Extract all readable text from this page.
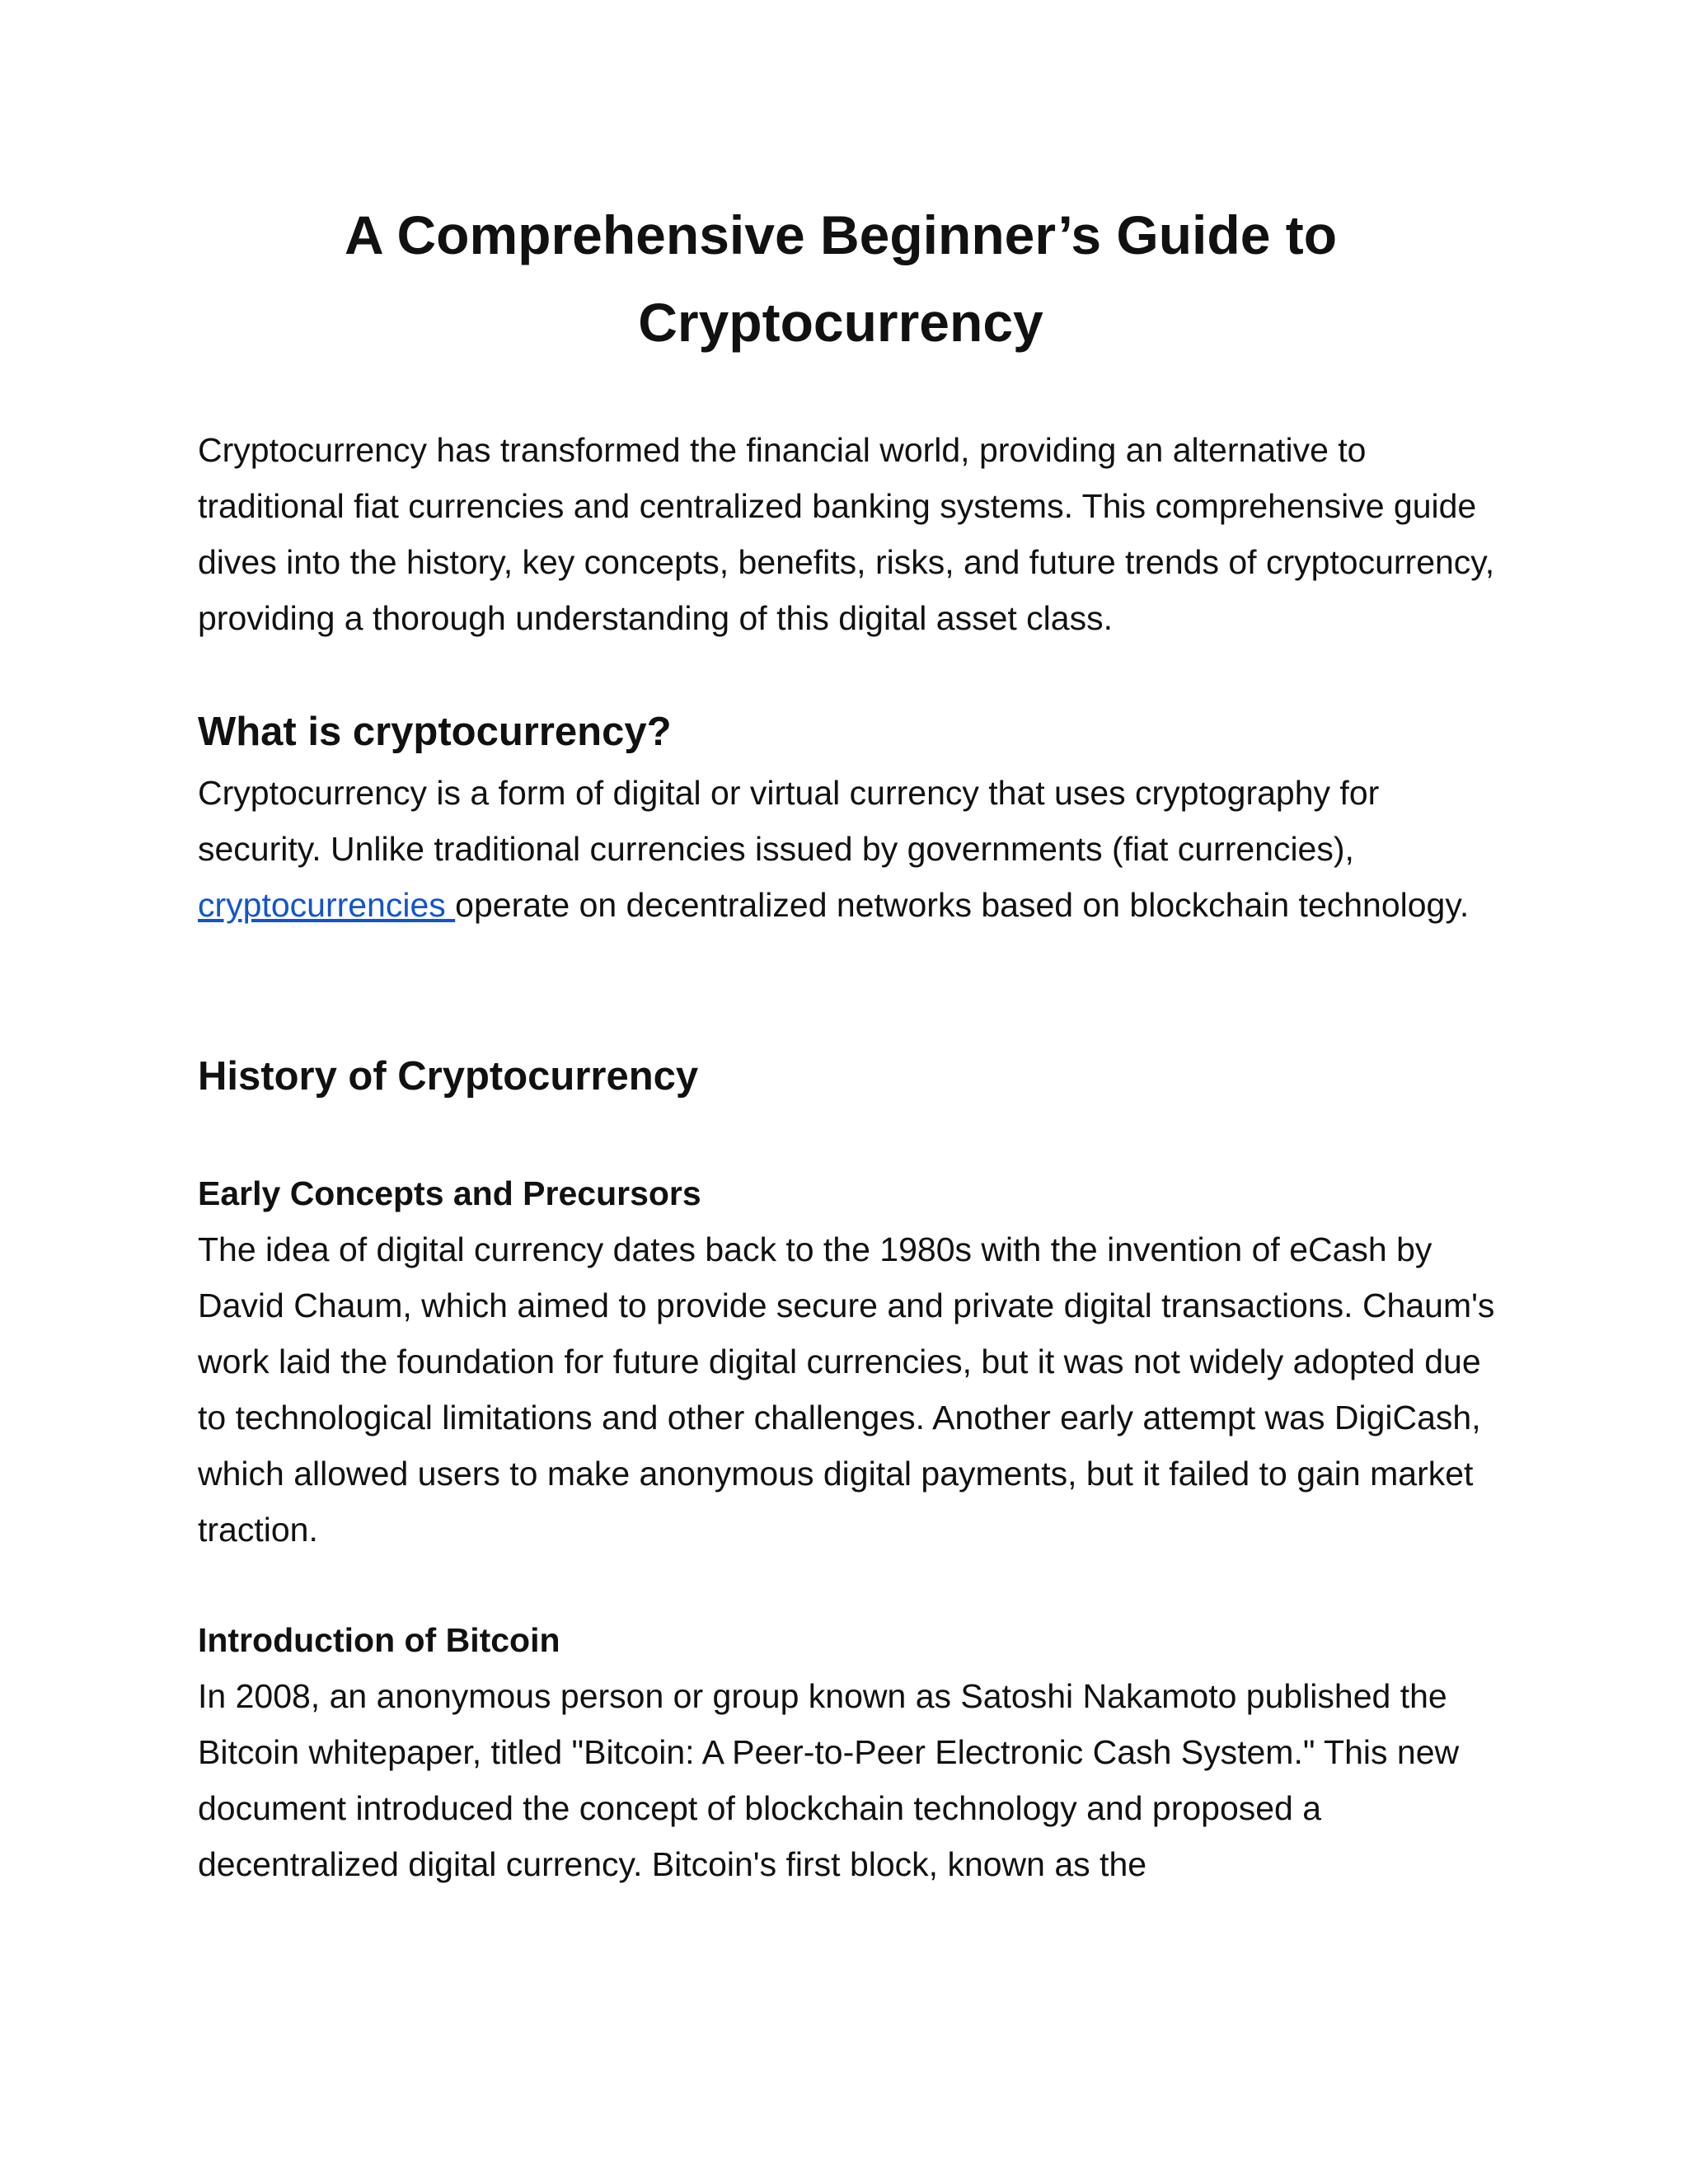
A Comprehensive Beginner’s Guide to Cryptocurrency

Cryptocurrency has transformed the financial world, providing an alternative to traditional fiat currencies and centralized banking systems. This comprehensive guide dives into the history, key concepts, benefits, risks, and future trends of cryptocurrency, providing a thorough understanding of this digital asset class.

What is cryptocurrency?

Cryptocurrency is a form of digital or virtual currency that uses cryptography for security. Unlike traditional currencies issued by governments (fiat currencies), cryptocurrencies operate on decentralized networks based on blockchain technology.

History of Cryptocurrency
Early Concepts and Precursors

The idea of digital currency dates back to the 1980s with the invention of eCash by David Chaum, which aimed to provide secure and private digital transactions. Chaum's work laid the foundation for future digital currencies, but it was not widely adopted due to technological limitations and other challenges. Another early attempt was DigiCash, which allowed users to make anonymous digital payments, but it failed to gain market traction.

Introduction of Bitcoin

In 2008, an anonymous person or group known as Satoshi Nakamoto published the Bitcoin whitepaper, titled "Bitcoin: A Peer-to-Peer Electronic Cash System." This new document introduced the concept of blockchain technology and proposed a decentralized digital currency. Bitcoin's first block, known as the
